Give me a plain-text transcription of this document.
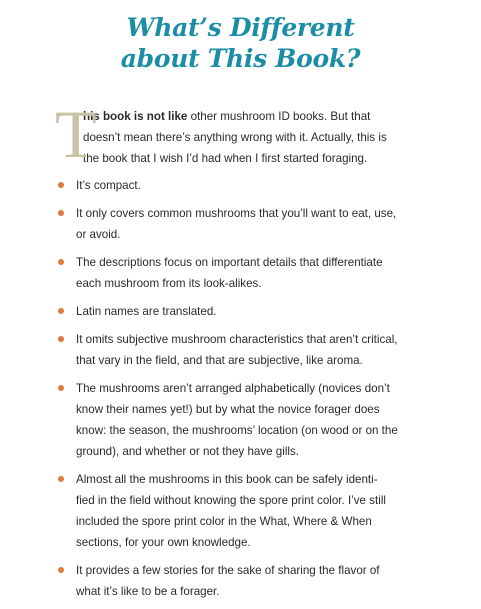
What’s Different
about This Book?
T
his book is not like other mushroom ID books. But that
doesn’t mean there’s anything wrong with it. Actually, this is
the book that I wish I’d had when I first started foraging.
It’s compact.
It only covers common mushrooms that you’ll want to eat, use,
or avoid.
The descriptions focus on important details that differentiate
each mushroom from its look-alikes.
Latin names are translated.
It omits subjective mushroom characteristics that aren’t critical,
that vary in the field, and that are subjective, like aroma.
The mushrooms aren’t arranged alphabetically (novices don’t
know their names yet!) but by what the novice forager does
know: the season, the mushrooms’ location (on wood or on the
ground), and whether or not they have gills.
Almost all the mushrooms in this book can be safely identi-
fied in the field without knowing the spore print color. I’ve still
included the spore print color in the What, Where & When
sections, for your own knowledge.
It provides a few stories for the sake of sharing the flavor of
what it’s like to be a forager.
